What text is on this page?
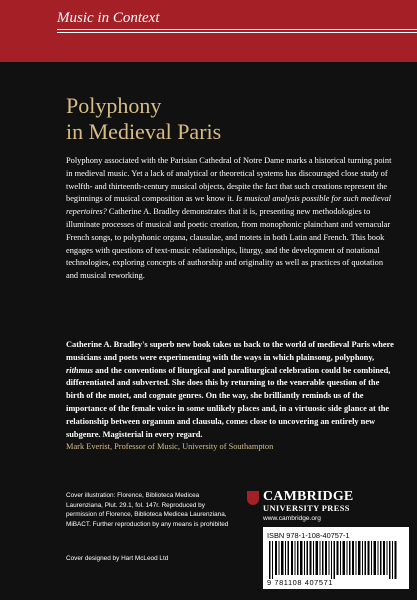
Music in Context
Polyphony
in Medieval Paris

Polyphony associated with the Parisian Cathedral of Notre Dame marks a historical turning point in medieval music. Yet a lack of analytical or theoretical systems has discouraged close study of twelfth- and thirteenth-century musical objects, despite the fact that such creations represent the beginnings of musical composition as we know it. Is musical analysis possible for such medieval repertoires? Catherine A. Bradley demonstrates that it is, presenting new methodologies to illuminate processes of musical and poetic creation, from monophonic plainchant and vernacular French songs, to polyphonic organa, clausulae, and motets in both Latin and French. This book engages with questions of text-music relationships, liturgy, and the development of notational technologies, exploring concepts of authorship and originality as well as practices of quotation and musical reworking.

Catherine A. Bradley's superb new book takes us back to the world of medieval Paris where musicians and poets were experimenting with the ways in which plainsong, polyphony, rithmus and the conventions of liturgical and paraliturgical celebration could be combined, differentiated and subverted. She does this by returning to the venerable question of the birth of the motet, and cognate genres. On the way, she brilliantly reminds us of the importance of the female voice in some unlikely places and, in a virtuosic side glance at the relationship between organum and clausula, comes close to uncovering an entirely new subgenre. Magisterial in every regard.

Mark Everist, Professor of Music, University of Southampton

Cover illustration: Florence, Biblioteca Medicea Laurenziana, Plut. 29.1, fol. 147r. Reproduced by permission of Florence, Biblioteca Medicea Laurenziana, MiBACT. Further reproduction by any means is prohibited
Cover designed by Hart McLeod Ltd
CAMBRIDGE
UNIVERSITY PRESS
www.cambridge.org
ISBN 978-1-108-40757-1
9 781108 407571
